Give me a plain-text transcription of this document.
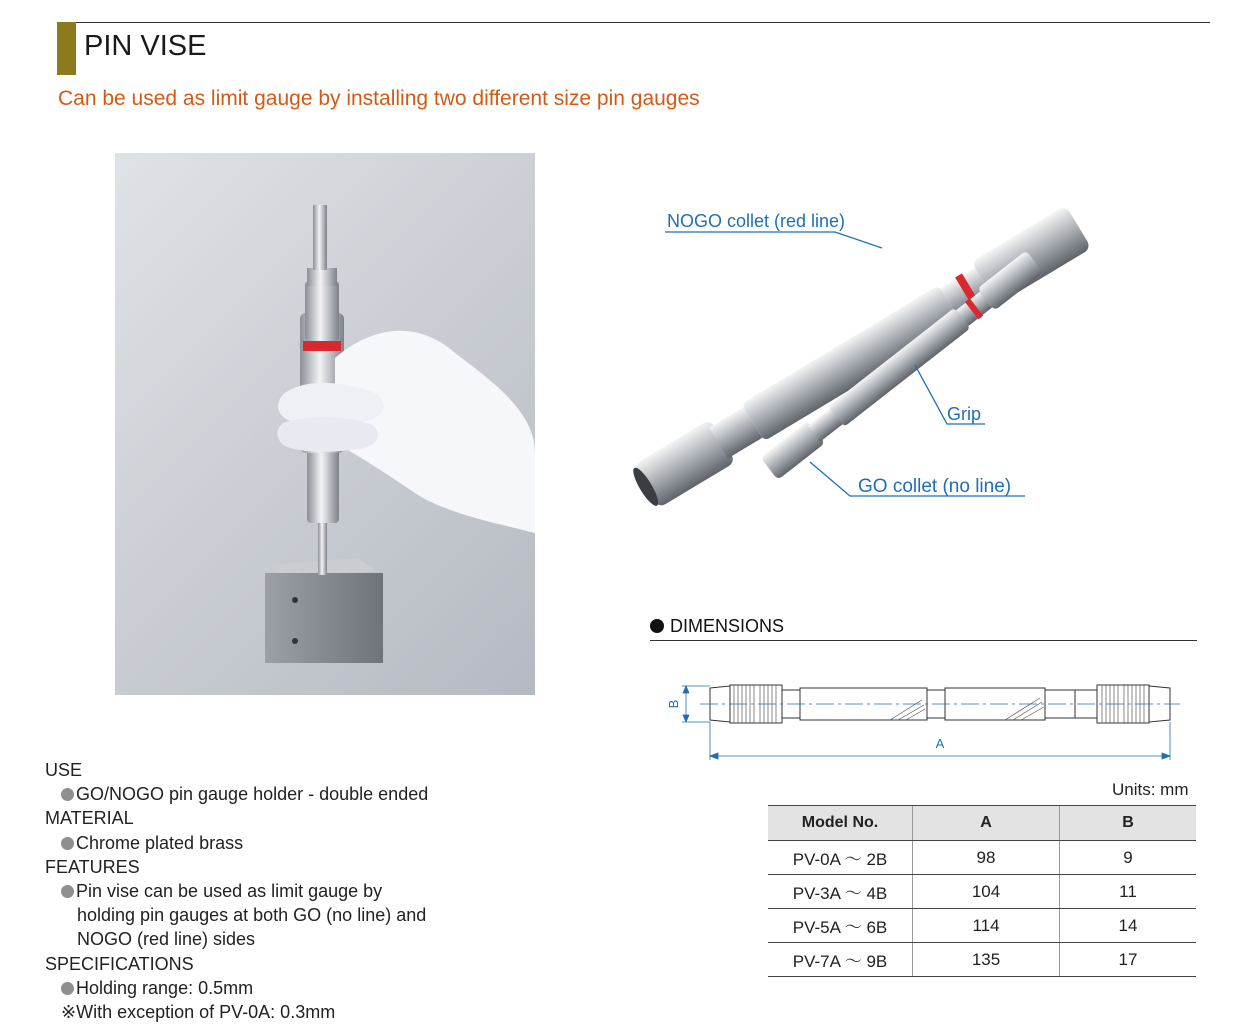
PIN VISE
Can be used as limit gauge by installing two different size pin gauges
NOGO collet (red line)
Grip
GO collet (no line)
DIMENSIONS
A
B
Units: mm
Model No.	A	B
PV-0A ～ 2B	98	9
PV-3A ～ 4B	104	11
PV-5A ～ 6B	114	14
PV-7A ～ 9B	135	17
USE
GO/NOGO pin gauge holder - double ended
MATERIAL
Chrome plated brass
FEATURES
Pin vise can be used as limit gauge by
holding pin gauges at both GO (no line) and
NOGO (red line) sides
SPECIFICATIONS
Holding range: 0.5mm
※With exception of PV-0A: 0.3mm
